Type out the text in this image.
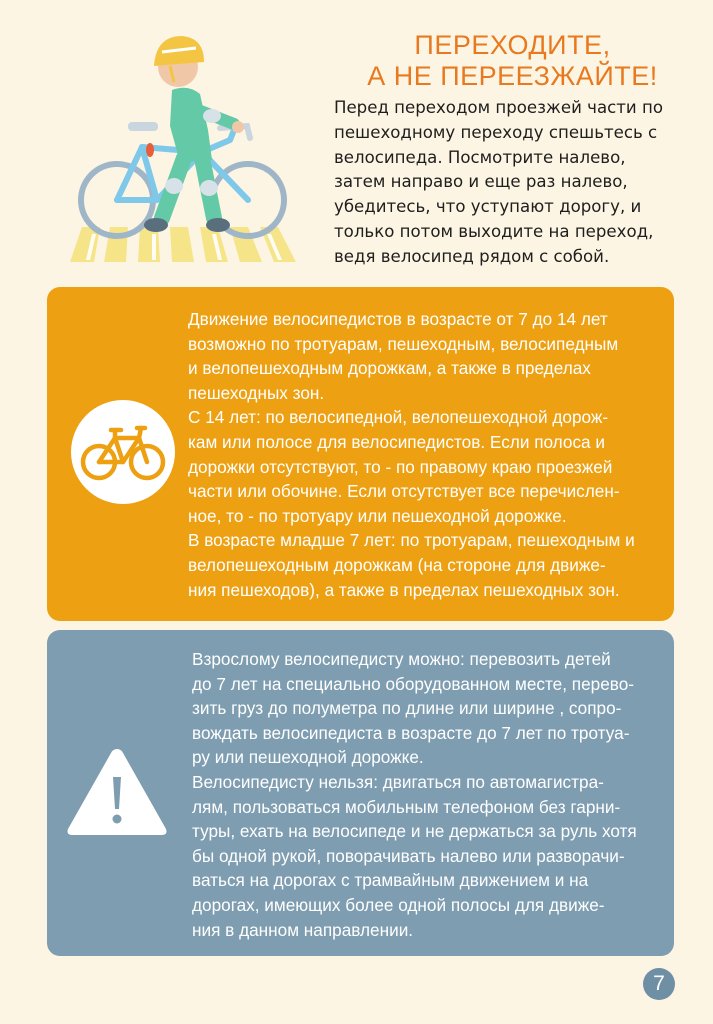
ПЕРЕХОДИТЕ,
А НЕ ПЕРЕЕЗЖАЙТЕ!
Перед переходом проезжей части по
пешеходному переходу спешьтесь с
велосипеда. Посмотрите налево,
затем направо и еще раз налево,
убедитесь, что уступают дорогу, и
только потом выходите на переход,
ведя велосипед рядом с собой.
Движение велосипедистов в возрасте от 7 до 14 лет
возможно по тротуарам, пешеходным, велосипедным
и велопешеходным дорожкам, а также в пределах
пешеходных зон.
С 14 лет: по велосипедной, велопешеходной дорож-
кам или полосе для велосипедистов. Если полоса и
дорожки отсутствуют, то - по правому краю проезжей
части или обочине. Если отсутствует все перечислен-
ное, то - по тротуару или пешеходной дорожке.
В возрасте младше 7 лет: по тротуарам, пешеходным и
велопешеходным дорожкам (на стороне для движе-
ния пешеходов), а также в пределах пешеходных зон.
Взрослому велосипедисту можно: перевозить детей
до 7 лет на специально оборудованном месте, перево-
зить груз до полуметра по длине или ширине , сопро-
вождать велосипедиста в возрасте до 7 лет по тротуа-
ру или пешеходной дорожке.
Велосипедисту нельзя: двигаться по автомагистра-
лям, пользоваться мобильным телефоном без гарни-
туры, ехать на велосипеде и не держаться за руль хотя
бы одной рукой, поворачивать налево или разворачи-
ваться на дорогах с трамвайным движением и на
дорогах, имеющих более одной полосы для движе-
ния в данном направлении.
7
